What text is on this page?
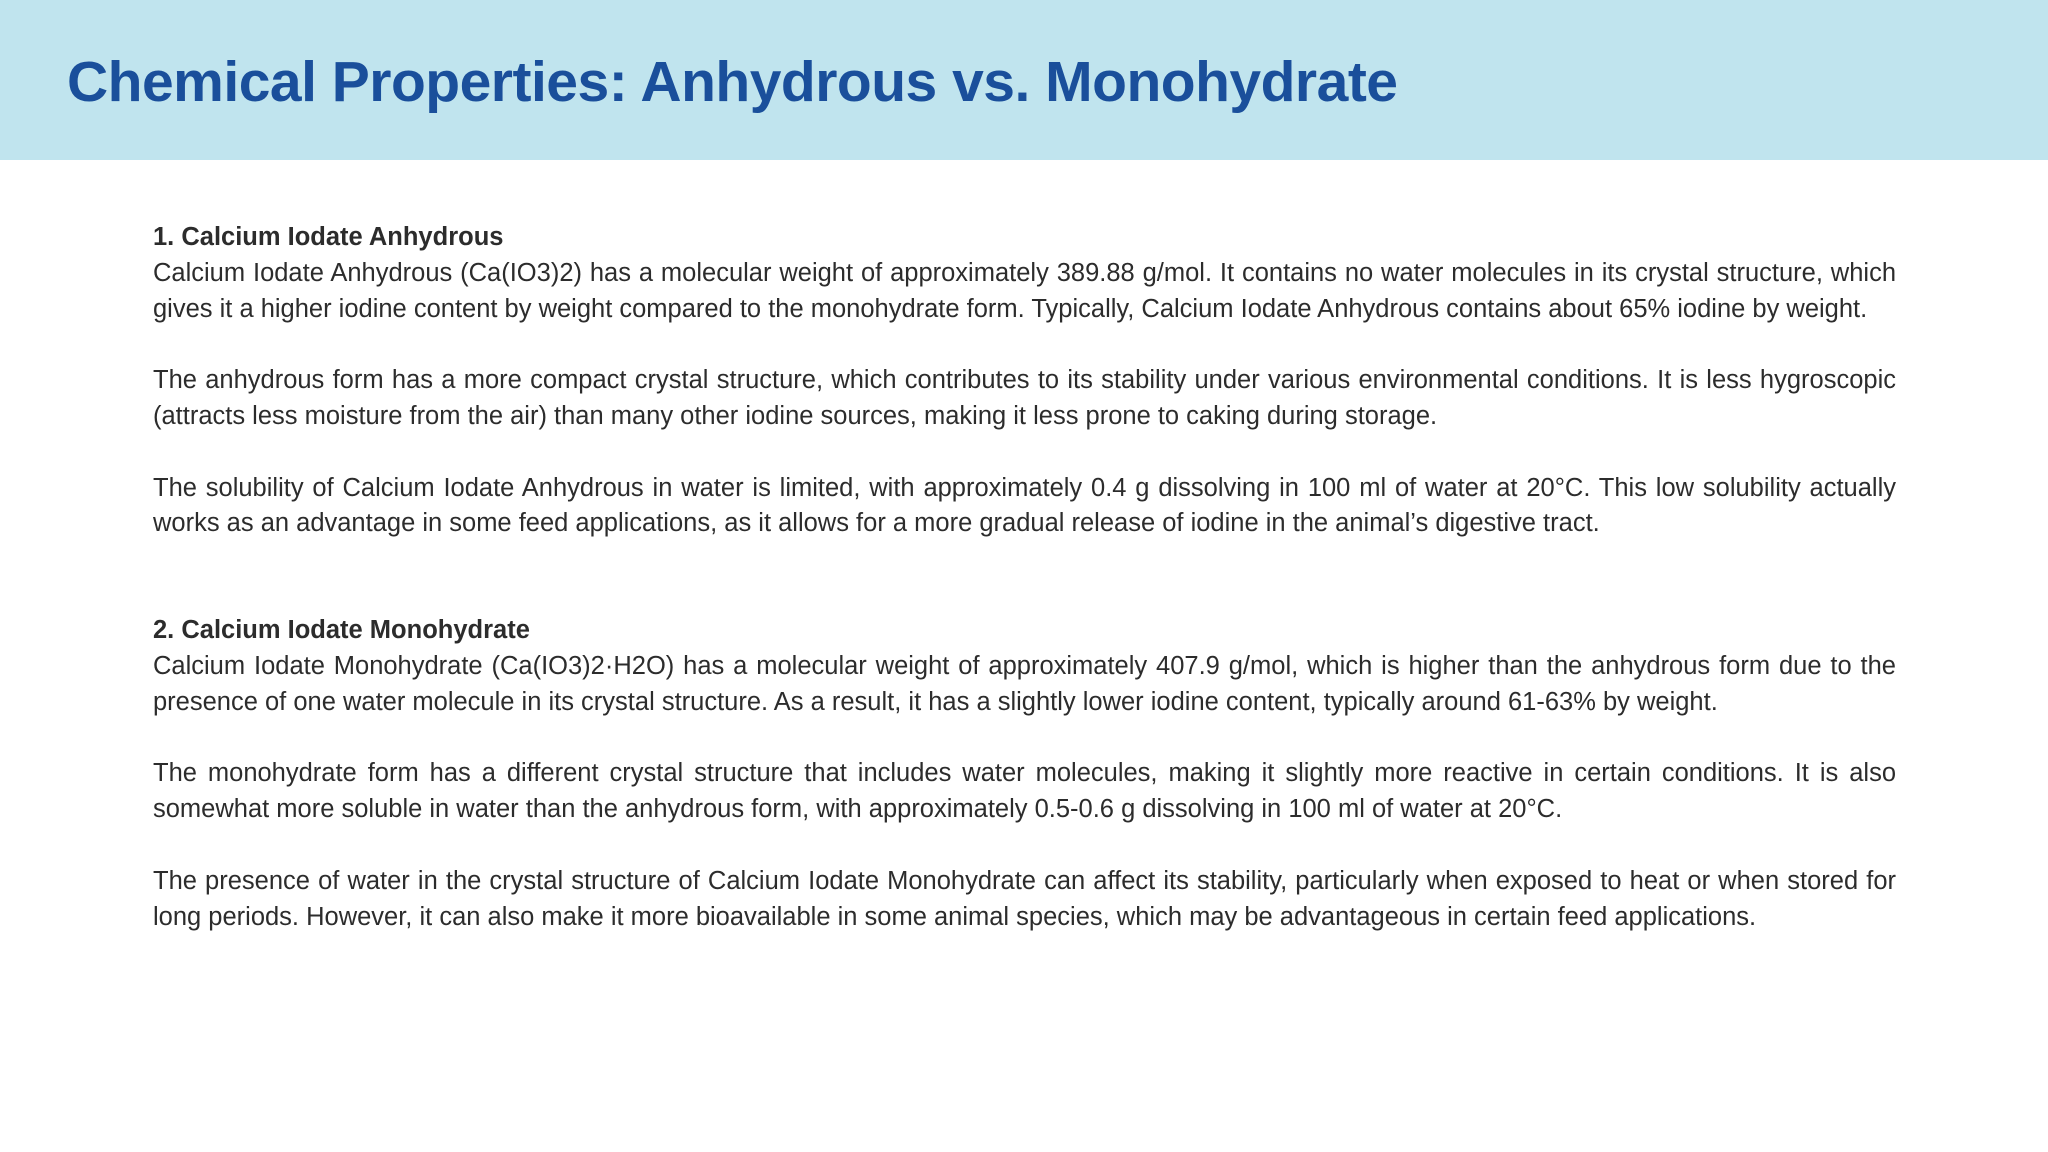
Chemical Properties: Anhydrous vs. Monohydrate

1. Calcium Iodate Anhydrous

Calcium Iodate Anhydrous (Ca(IO3)2) has a molecular weight of approximately 389.88 g/mol. It contains no water molecules in its crystal structure, which gives it a higher iodine content by weight compared to the monohydrate form. Typically, Calcium Iodate Anhydrous contains about 65% iodine by weight.

The anhydrous form has a more compact crystal structure, which contributes to its stability under various environmental conditions. It is less hygroscopic (attracts less moisture from the air) than many other iodine sources, making it less prone to caking during storage.

The solubility of Calcium Iodate Anhydrous in water is limited, with approximately 0.4 g dissolving in 100 ml of water at 20°C. This low solubility actually works as an advantage in some feed applications, as it allows for a more gradual release of iodine in the animal’s digestive tract.

2. Calcium Iodate Monohydrate

Calcium Iodate Monohydrate (Ca(IO3)2·H2O) has a molecular weight of approximately 407.9 g/mol, which is higher than the anhydrous form due to the presence of one water molecule in its crystal structure. As a result, it has a slightly lower iodine content, typically around 61-63% by weight.

The monohydrate form has a different crystal structure that includes water molecules, making it slightly more reactive in certain conditions. It is also somewhat more soluble in water than the anhydrous form, with approximately 0.5-0.6 g dissolving in 100 ml of water at 20°C.

The presence of water in the crystal structure of Calcium Iodate Monohydrate can affect its stability, particularly when exposed to heat or when stored for long periods. However, it can also make it more bioavailable in some animal species, which may be advantageous in certain feed applications.
